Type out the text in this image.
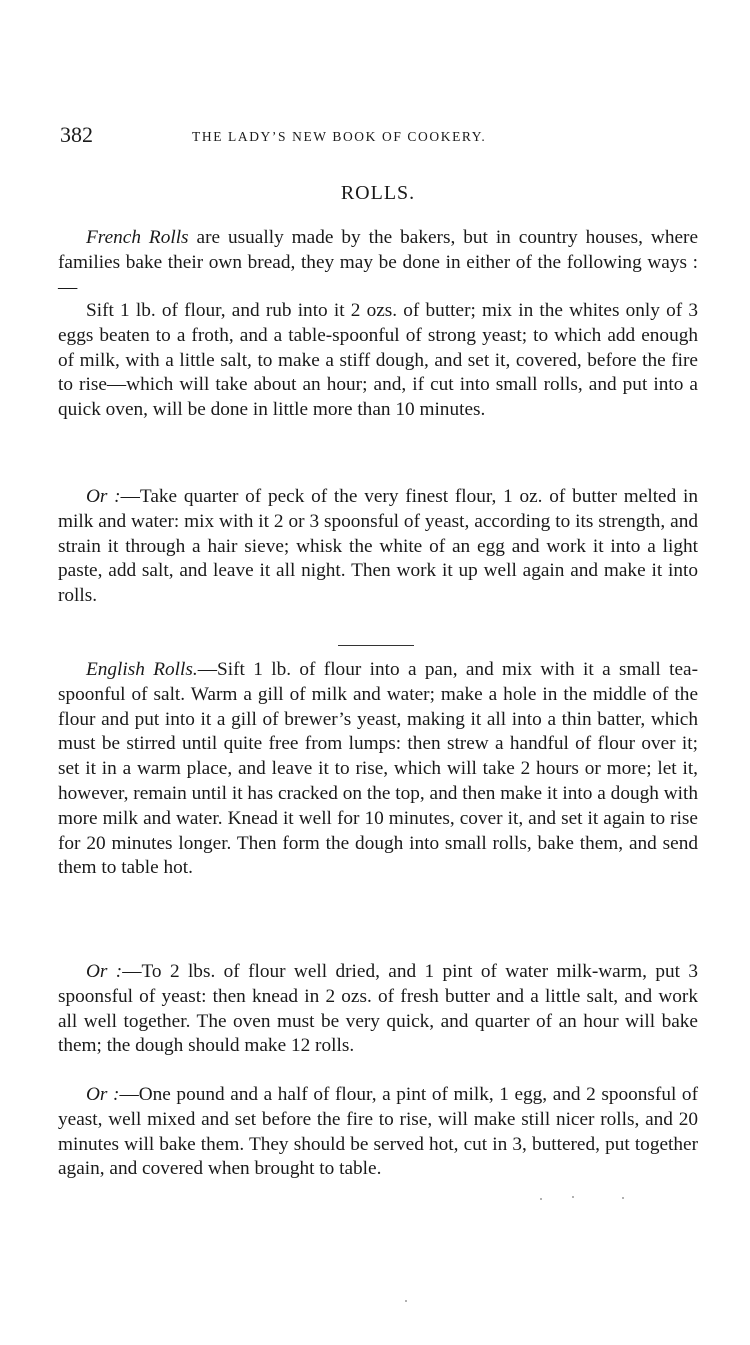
382	THE LADY’S NEW BOOK OF COOKERY.
ROLLS.

French Rolls are usually made by the bakers, but in country houses, where families bake their own bread, they may be done in either of the following ways :—

Sift 1 lb. of flour, and rub into it 2 ozs. of butter; mix in the whites only of 3 eggs beaten to a froth, and a table-spoonful of strong yeast; to which add enough of milk, with a little salt, to make a stiff dough, and set it, covered, before the fire to rise—which will take about an hour; and, if cut into small rolls, and put into a quick oven, will be done in little more than 10 minutes.

Or :—Take quarter of peck of the very finest flour, 1 oz. of butter melted in milk and water: mix with it 2 or 3 spoonsful of yeast, according to its strength, and strain it through a hair sieve; whisk the white of an egg and work it into a light paste, add salt, and leave it all night. Then work it up well again and make it into rolls.

English Rolls.—Sift 1 lb. of flour into a pan, and mix with it a small tea-spoonful of salt. Warm a gill of milk and water; make a hole in the middle of the flour and put into it a gill of brewer’s yeast, making it all into a thin batter, which must be stirred until quite free from lumps: then strew a handful of flour over it; set it in a warm place, and leave it to rise, which will take 2 hours or more; let it, however, remain until it has cracked on the top, and then make it into a dough with more milk and water. Knead it well for 10 minutes, cover it, and set it again to rise for 20 minutes longer. Then form the dough into small rolls, bake them, and send them to table hot.

Or :—To 2 lbs. of flour well dried, and 1 pint of water milk-warm, put 3 spoonsful of yeast: then knead in 2 ozs. of fresh butter and a little salt, and work all well together. The oven must be very quick, and quarter of an hour will bake them; the dough should make 12 rolls.

Or :—One pound and a half of flour, a pint of milk, 1 egg, and 2 spoonsful of yeast, well mixed and set before the fire to rise, will make still nicer rolls, and 20 minutes will bake them. They should be served hot, cut in 3, buttered, put together again, and covered when brought to table.
